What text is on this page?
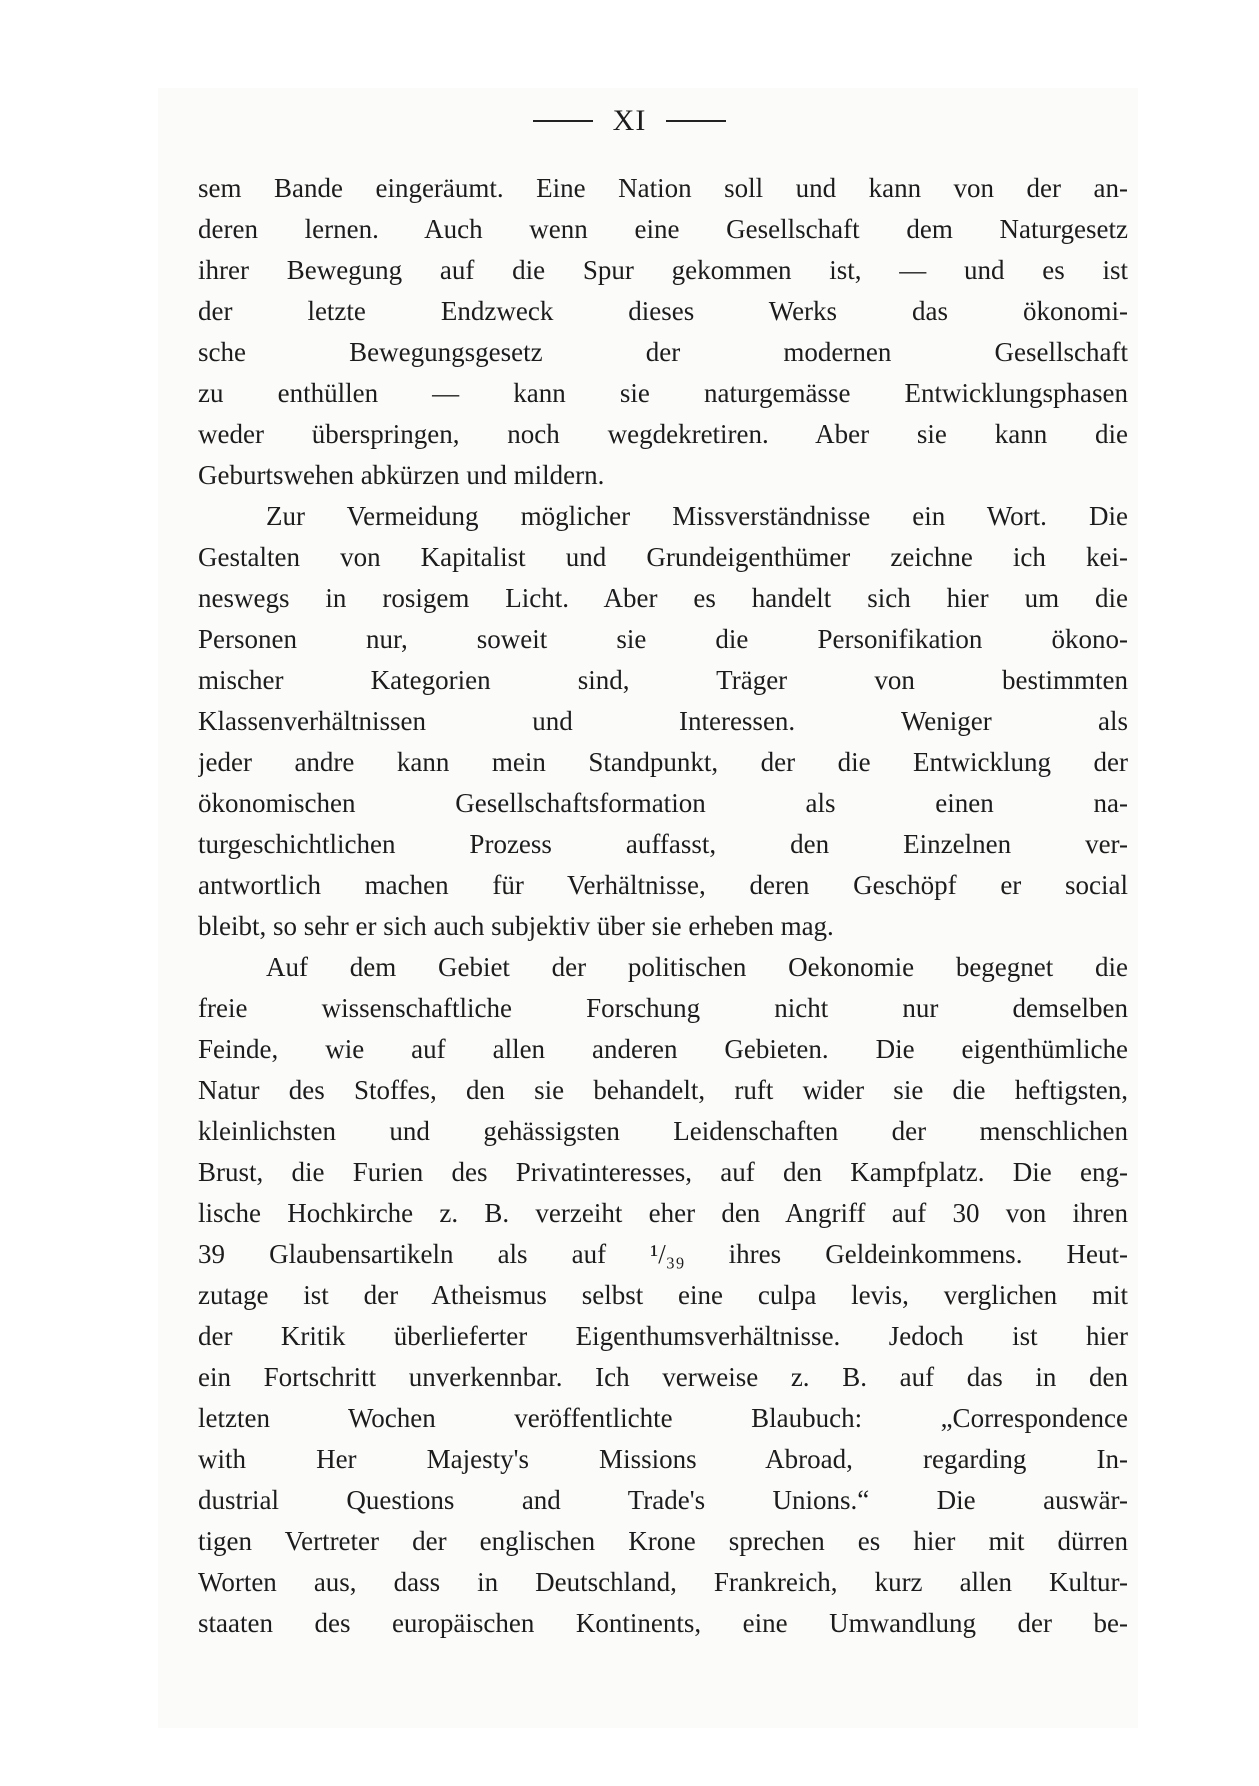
XI
sem Bande eingeräumt. Eine Nation soll und kann von der an-
deren lernen. Auch wenn eine Gesellschaft dem Naturgesetz
ihrer Bewegung auf die Spur gekommen ist, — und es ist
der letzte Endzweck dieses Werks das ökonomi-
sche Bewegungsgesetz der modernen Gesellschaft
zu enthüllen — kann sie naturgemässe Entwicklungsphasen
weder überspringen, noch wegdekretiren. Aber sie kann die
Geburtswehen abkürzen und mildern.
Zur Vermeidung möglicher Missverständnisse ein Wort. Die
Gestalten von Kapitalist und Grundeigenthümer zeichne ich kei-
neswegs in rosigem Licht. Aber es handelt sich hier um die
Personen nur, soweit sie die Personifikation ökono-
mischer Kategorien sind, Träger von bestimmten
Klassenverhältnissen und Interessen. Weniger als
jeder andre kann mein Standpunkt, der die Entwicklung der
ökonomischen Gesellschaftsformation als einen na-
turgeschichtlichen Prozess auffasst, den Einzelnen ver-
antwortlich machen für Verhältnisse, deren Geschöpf er social
bleibt, so sehr er sich auch subjektiv über sie erheben mag.
Auf dem Gebiet der politischen Oekonomie begegnet die
freie wissenschaftliche Forschung nicht nur demselben
Feinde, wie auf allen anderen Gebieten. Die eigenthümliche
Natur des Stoffes, den sie behandelt, ruft wider sie die heftigsten,
kleinlichsten und gehässigsten Leidenschaften der menschlichen
Brust, die Furien des Privatinteresses, auf den Kampfplatz. Die eng-
lische Hochkirche z. B. verzeiht eher den Angriff auf 30 von ihren
39 Glaubensartikeln als auf ¹/₃₉ ihres Geldeinkommens. Heut-
zutage ist der Atheismus selbst eine culpa levis, verglichen mit
der Kritik überlieferter Eigenthumsverhältnisse. Jedoch ist hier
ein Fortschritt unverkennbar. Ich verweise z. B. auf das in den
letzten Wochen veröffentlichte Blaubuch: „Correspondence
with Her Majesty's Missions Abroad, regarding In-
dustrial Questions and Trade's Unions.“ Die auswär-
tigen Vertreter der englischen Krone sprechen es hier mit dürren
Worten aus, dass in Deutschland, Frankreich, kurz allen Kultur-
staaten des europäischen Kontinents, eine Umwandlung der be-
